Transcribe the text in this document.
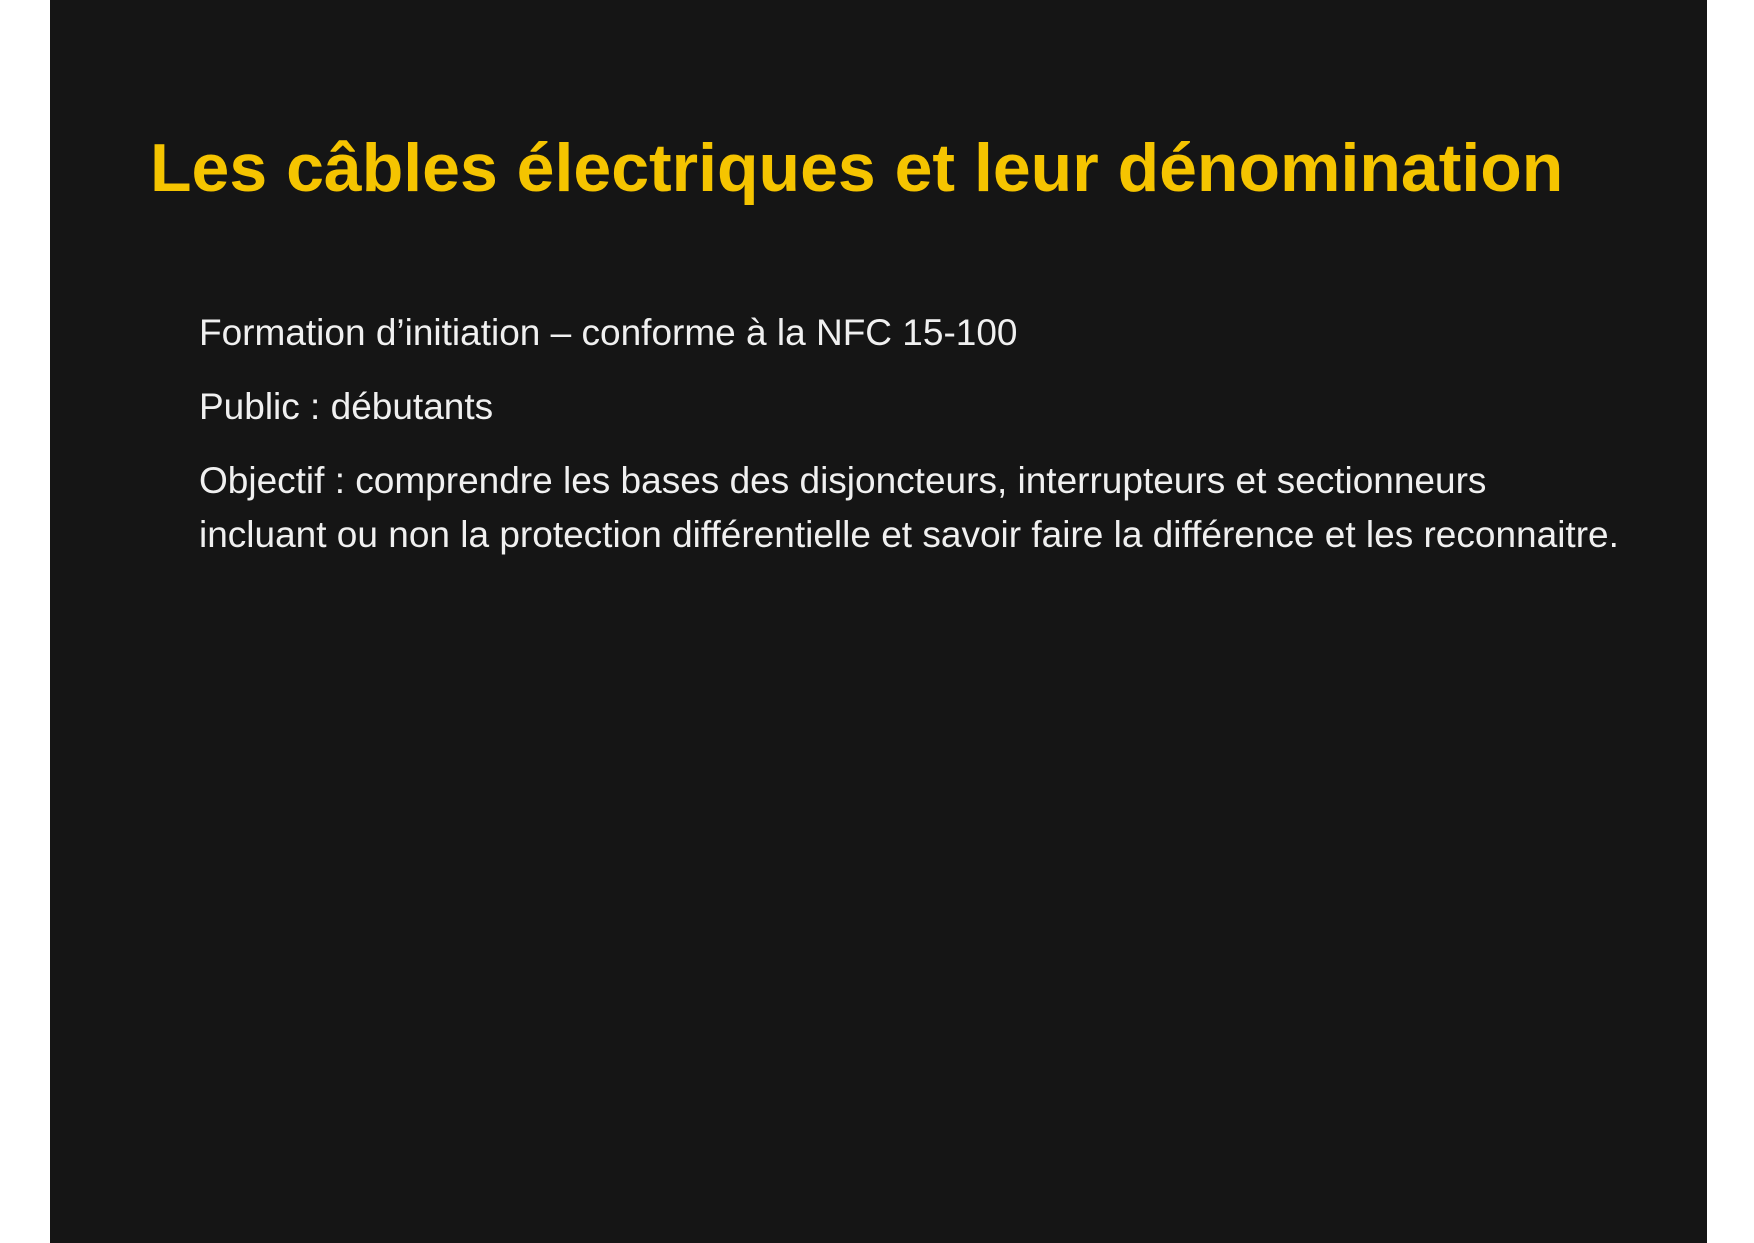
Les câbles électriques et leur dénomination

Formation d’initiation – conforme à la NFC 15-100

Public : débutants

Objectif : comprendre les bases des disjoncteurs, interrupteurs et sectionneurs incluant ou non la protection différentielle et savoir faire la différence et les reconnaitre.
